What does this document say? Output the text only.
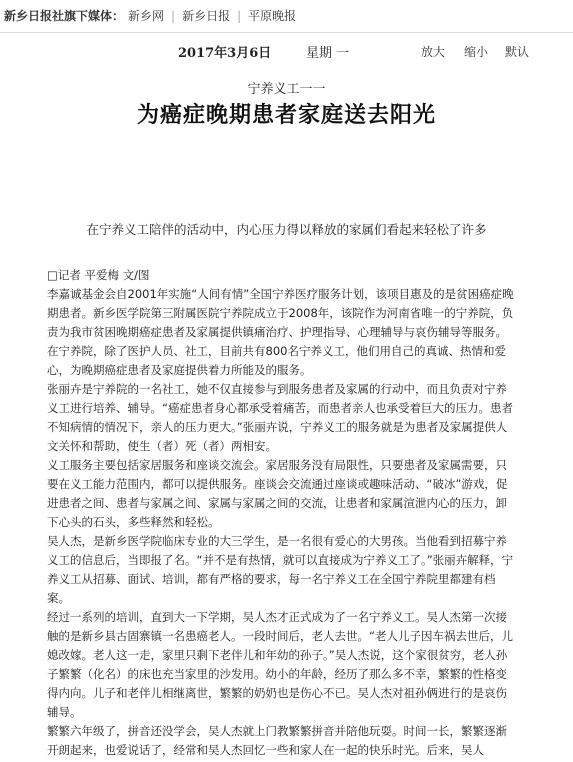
新乡日报社旗下媒体： 新乡网 | 新乡日报 | 平原晚报
2017年3月6日	星期 一	放大 缩小 默认
宁养义工一一
为癌症晚期患者家庭送去阳光
在宁养义工陪伴的活动中，内心压力得以释放的家属们看起来轻松了许多

□记者 平爱梅 文/图

李嘉诚基金会自2001年实施“人间有情”全国宁养医疗服务计划，该项目惠及的是贫困癌症晚期患者。新乡医学院第三附属医院宁养院成立于2008年，该院作为河南省唯一的宁养院，负责为我市贫困晚期癌症患者及家属提供镇痛治疗、护理指导、心理辅导与哀伤辅导等服务。

在宁养院，除了医护人员、社工，目前共有800名宁养义工，他们用自己的真诚、热情和爱心，为晚期癌症患者及家庭提供着力所能及的服务。

张丽卉是宁养院的一名社工，她不仅直接参与到服务患者及家属的行动中，而且负责对宁养义工进行培养、辅导。“癌症患者身心都承受着痛苦，而患者亲人也承受着巨大的压力。患者不知病情的情况下，亲人的压力更大。”张丽卉说，宁养义工的服务就是为患者及家属提供人文关怀和帮助，使生（者）死（者）两相安。

义工服务主要包括家居服务和座谈交流会。家居服务没有局限性，只要患者及家属需要，只要在义工能力范围内，都可以提供服务。座谈会交流通过座谈或趣味活动、“破冰”游戏，促进患者之间、患者与家属之间、家属与家属之间的交流，让患者和家属渲泄内心的压力，卸下心头的石头，多些释然和轻松。

吴人杰，是新乡医学院临床专业的大三学生，是一名很有爱心的大男孩。当他看到招募宁养义工的信息后，当即报了名。“并不是有热情，就可以直接成为宁养义工了。”张丽卉解释，宁养义工从招募、面试、培训，都有严格的要求，每一名宁养义工在全国宁养院里都建有档案。

经过一系列的培训，直到大一下学期，吴人杰才正式成为了一名宁养义工。吴人杰第一次接触的是新乡县古固寨镇一名患癌老人。一段时间后，老人去世。“老人儿子因车祸去世后，儿媳改嫁。老人这一走，家里只剩下老伴儿和年幼的孙子。”吴人杰说，这个家很贫穷，老人孙子繁繁（化名）的床也充当家里的沙发用。幼小的年龄，经历了那么多不幸，繁繁的性格变得内向。儿子和老伴儿相继离世，繁繁的奶奶也是伤心不已。吴人杰对祖孙俩进行的是哀伤辅导。

繁繁六年级了，拼音还没学会，吴人杰就上门教繁繁拼音并陪他玩耍。时间一长，繁繁逐渐开朗起来，也爱说话了，经常和吴人杰回忆一些和家人在一起的快乐时光。后来，吴人
